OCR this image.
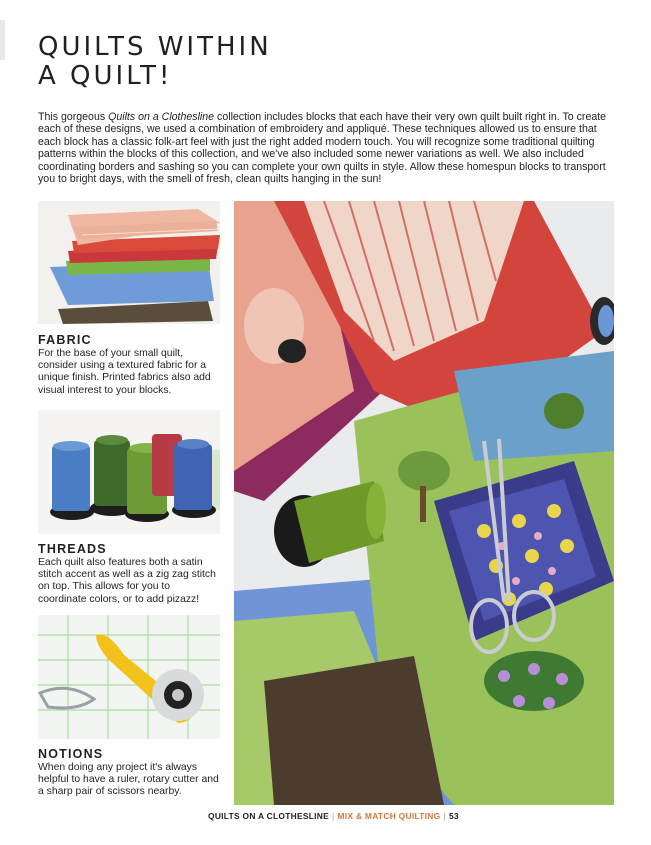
QUILTS WITHIN
A QUILT!

This gorgeous Quilts on a Clothesline collection includes blocks that each have their very own quilt built right in. To create each of these designs, we used a combination of embroidery and appliqué. These techniques allowed us to ensure that each block has a classic folk-art feel with just the right added modern touch. You will recognize some traditional quilting patterns within the blocks of this collection, and we've also included some newer variations as well. We also included coordinating borders and sashing so you can complete your own quilts in style. Allow these homespun blocks to transport you to bright days, with the smell of fresh, clean quilts hanging in the sun!

FABRIC

For the base of your small quilt, consider using a textured fabric for a unique finish. Printed fabrics also add visual interest to your blocks.

THREADS

Each quilt also features both a satin stitch accent as well as a zig zag stitch on top. This allows for you to coordinate colors, or to add pizazz!

NOTIONS

When doing any project it's always helpful to have a ruler, rotary cutter and a sharp pair of scissors nearby.

QUILTS ON A CLOTHESLINE | MIX & MATCH QUILTING | 53
